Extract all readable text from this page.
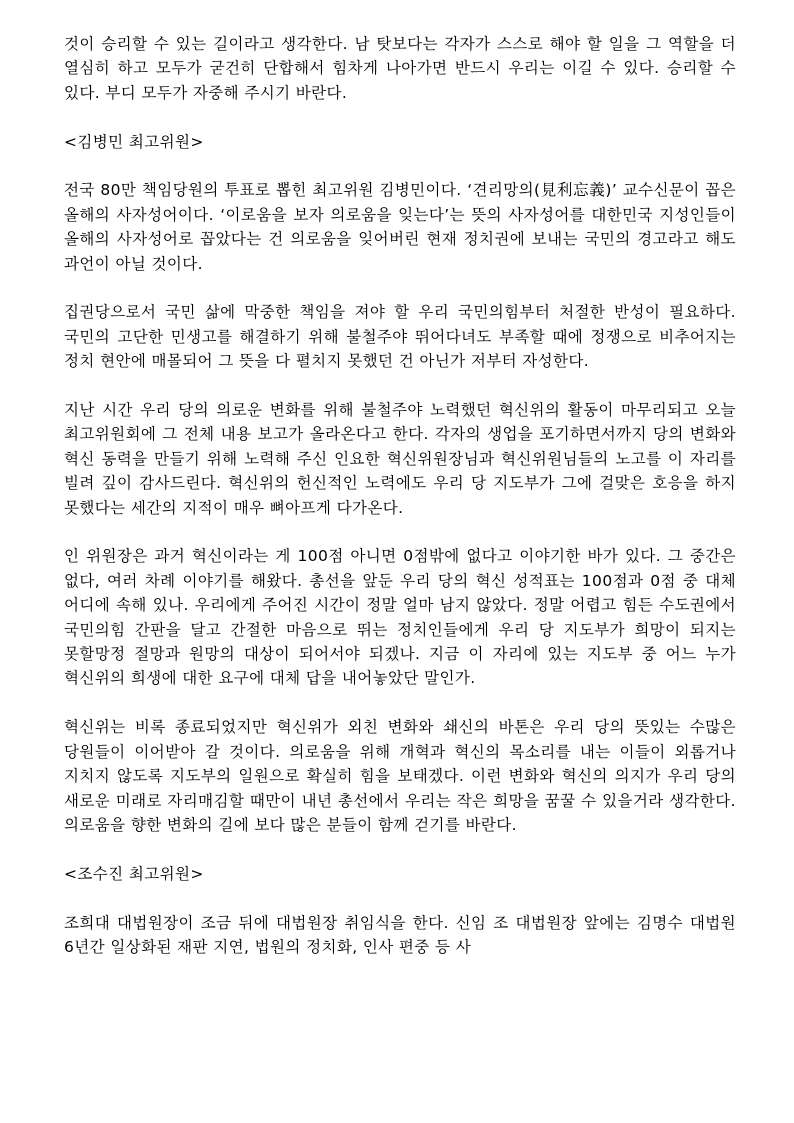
것이 승리할 수 있는 길이라고 생각한다. 남 탓보다는 각자가 스스로 해야 할 일을 그 역할을 더 열심히 하고 모두가 굳건히 단합해서 힘차게 나아가면 반드시 우리는 이길 수 있다. 승리할 수 있다. 부디 모두가 자중해 주시기 바란다.

<김병민 최고위원>

전국 80만 책임당원의 투표로 뽑힌 최고위원 김병민이다. ‘견리망의(見利忘義)’ 교수신문이 꼽은 올해의 사자성어이다. ‘이로움을 보자 의로움을 잊는다’는 뜻의 사자성어를 대한민국 지성인들이 올해의 사자성어로 꼽았다는 건 의로움을 잊어버린 현재 정치권에 보내는 국민의 경고라고 해도 과언이 아닐 것이다.

집권당으로서 국민 삶에 막중한 책임을 져야 할 우리 국민의힘부터 처절한 반성이 필요하다. 국민의 고단한 민생고를 해결하기 위해 불철주야 뛰어다녀도 부족할 때에 정쟁으로 비추어지는 정치 현안에 매몰되어 그 뜻을 다 펼치지 못했던 건 아닌가 저부터 자성한다.

지난 시간 우리 당의 의로운 변화를 위해 불철주야 노력했던 혁신위의 활동이 마무리되고 오늘 최고위원회에 그 전체 내용 보고가 올라온다고 한다. 각자의 생업을 포기하면서까지 당의 변화와 혁신 동력을 만들기 위해 노력해 주신 인요한 혁신위원장님과 혁신위원님들의 노고를 이 자리를 빌려 깊이 감사드린다. 혁신위의 헌신적인 노력에도 우리 당 지도부가 그에 걸맞은 호응을 하지 못했다는 세간의 지적이 매우 뼈아프게 다가온다.

인 위원장은 과거 혁신이라는 게 100점 아니면 0점밖에 없다고 이야기한 바가 있다. 그 중간은 없다, 여러 차례 이야기를 해왔다. 총선을 앞둔 우리 당의 혁신 성적표는 100점과 0점 중 대체 어디에 속해 있나. 우리에게 주어진 시간이 정말 얼마 남지 않았다. 정말 어렵고 힘든 수도권에서 국민의힘 간판을 달고 간절한 마음으로 뛰는 정치인들에게 우리 당 지도부가 희망이 되지는 못할망정 절망과 원망의 대상이 되어서야 되겠나. 지금 이 자리에 있는 지도부 중 어느 누가 혁신위의 희생에 대한 요구에 대체 답을 내어놓았단 말인가.

혁신위는 비록 종료되었지만 혁신위가 외친 변화와 쇄신의 바톤은 우리 당의 뜻있는 수많은 당원들이 이어받아 갈 것이다. 의로움을 위해 개혁과 혁신의 목소리를 내는 이들이 외롭거나 지치지 않도록 지도부의 일원으로 확실히 힘을 보태겠다. 이런 변화와 혁신의 의지가 우리 당의 새로운 미래로 자리매김할 때만이 내년 총선에서 우리는 작은 희망을 꿈꿀 수 있을거라 생각한다. 의로움을 향한 변화의 길에 보다 많은 분들이 함께 걷기를 바란다.

<조수진 최고위원>

조희대 대법원장이 조금 뒤에 대법원장 취임식을 한다. 신임 조 대법원장 앞에는 김명수 대법원 6년간 일상화된 재판 지연, 법원의 정치화, 인사 편중 등 사
